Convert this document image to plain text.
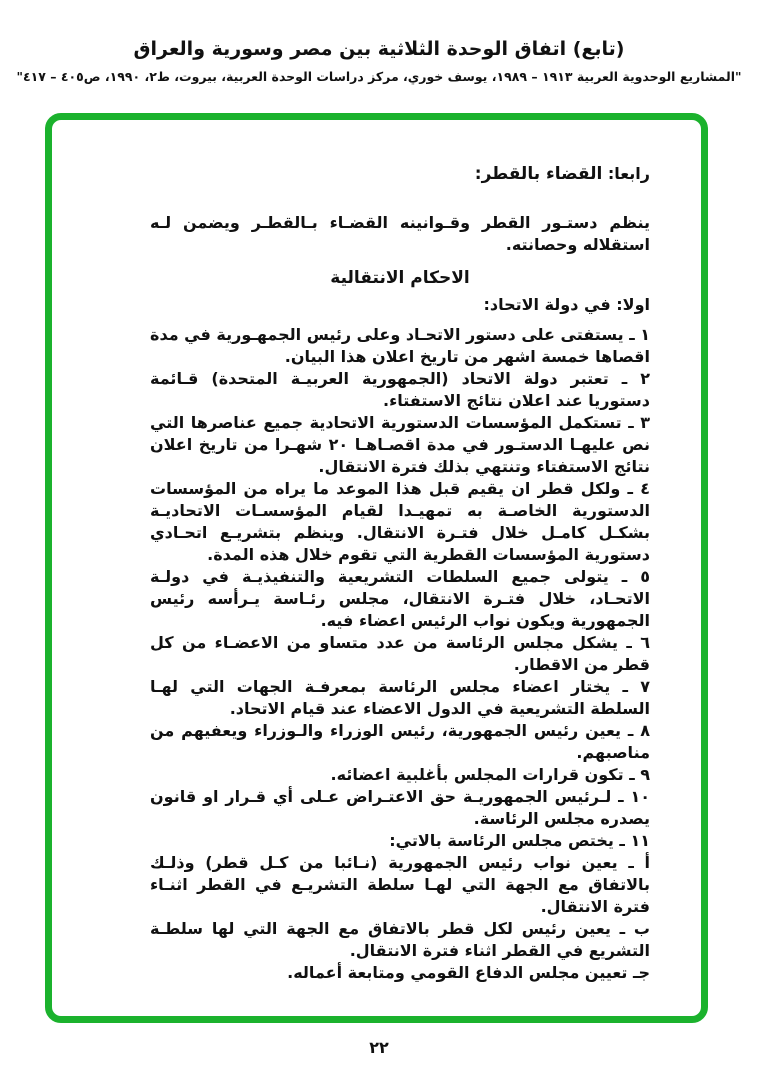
(تابع) اتفاق الوحدة الثلاثية بين مصر وسورية والعراق
"المشاريع الوحدوية العربية ١٩١٣ – ١٩٨٩، يوسف خوري، مركز دراسات الوحدة العربية، بيروت، ط٢، ١٩٩٠، ص٤٠٥ – ٤١٧"
رابعا: القضاء بالقطر:

ينظم دستـور القطر وقـوانينه القضـاء بـالقطـر ويضمن لـه استقلاله وحصانته.

الاحكام الانتقالية
اولا: في دولة الاتحاد:

١ ـ يستفتى على دستور الاتحـاد وعلى رئيس الجمهـورية في مدة اقصاها خمسة اشهر من تاريخ اعلان هذا البيان.

٢ ـ تعتبر دولة الاتحاد (الجمهورية العربيـة المتحدة) قـائمة دستوريا عند اعلان نتائج الاستفتاء.

٣ ـ تستكمل المؤسسات الدستورية الاتحادية جميع عناصرها التي نص عليهـا الدستـور في مدة اقصـاهـا ٢٠ شهـرا من تاريخ اعلان نتائج الاستفتاء وتنتهي بذلك فترة الانتقال.

٤ ـ ولكل قطر ان يقيم قبل هذا الموعد ما يراه من المؤسسات الدستورية الخاصـة به تمهيـدا لقيام المؤسسـات الاتحاديـة بشكـل كامـل خلال فتـرة الانتقال. وينظم بتشريـع اتحـادي دستورية المؤسسات القطرية التي تقوم خلال هذه المدة.

٥ ـ يتولى جميع السلطات التشريعية والتنفيذيـة في دولـة الاتحـاد، خلال فتـرة الانتقال، مجلس رئـاسة يـرأسه رئيس الجمهورية ويكون نواب الرئيس اعضاء فيه.

٦ ـ يشكل مجلس الرئاسة من عدد متساو من الاعضـاء من كل قطر من الاقطار.

٧ ـ يختار اعضاء مجلس الرئاسة بمعرفـة الجهات التي لهـا السلطة التشريعية في الدول الاعضاء عند قيام الاتحاد.

٨ ـ يعين رئيس الجمهورية، رئيس الوزراء والـوزراء ويعفيهم من مناصبهم.

٩ ـ تكون قرارات المجلس بأغلبية اعضائه.

١٠ ـ لـرئيس الجمهوريـة حق الاعتـراض عـلى أي قـرار او قانون يصدره مجلس الرئاسة.

١١ ـ يختص مجلس الرئاسة بالاتي:

أ ـ يعين نواب رئيس الجمهورية (نـائبا من كـل قطر) وذلـك بالاتفاق مع الجهة التي لهـا سلطة التشريـع في القطر اثنـاء فترة الانتقال.

ب ـ يعين رئيس لكل قطر بالاتفاق مع الجهة التي لها سلطـة التشريع في القطر اثناء فترة الانتقال.

جـ تعيين مجلس الدفاع القومي ومتابعة أعماله.

٢٢
